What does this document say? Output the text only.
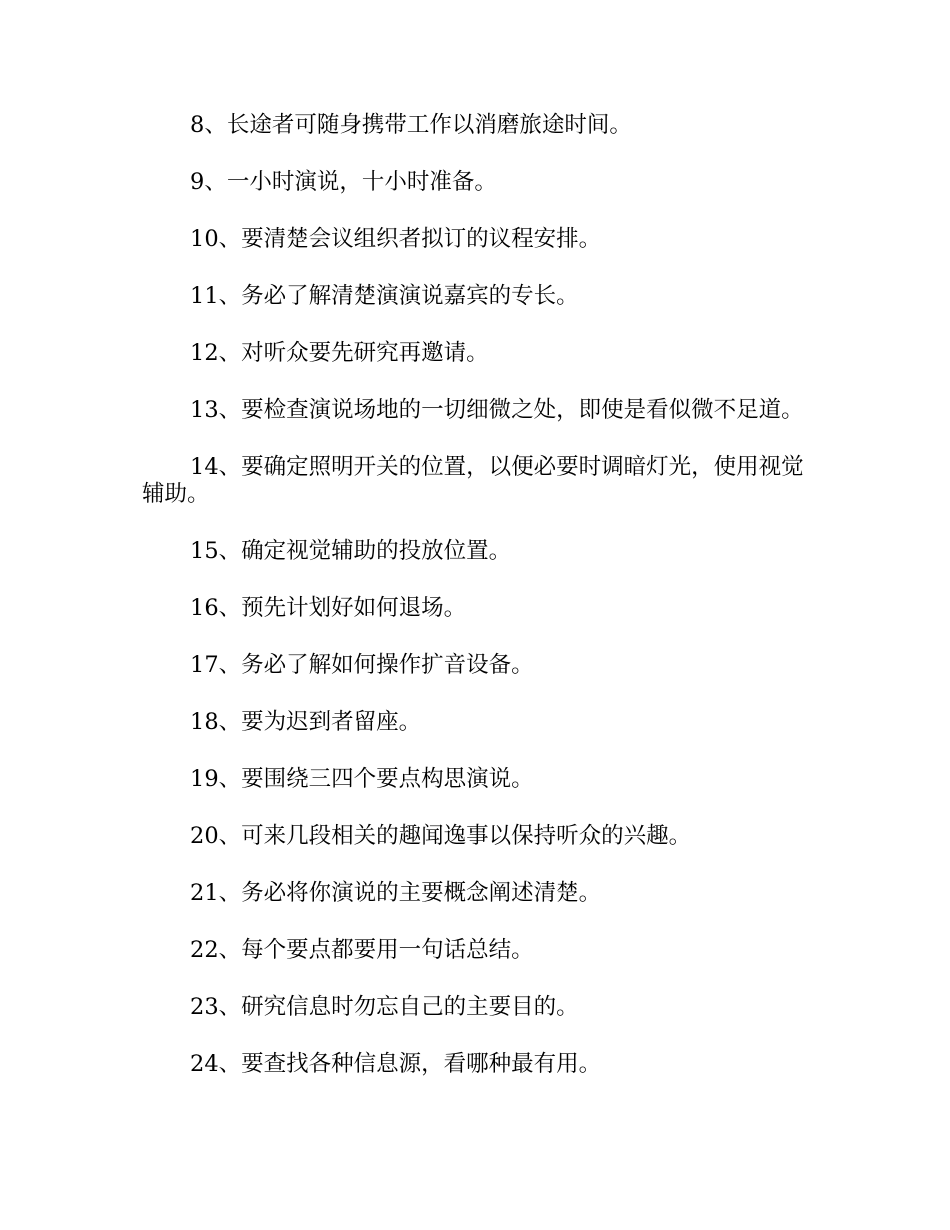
8、长途者可随身携带工作以消磨旅途时间。

9、一小时演说，十小时准备。

10、要清楚会议组织者拟订的议程安排。

11、务必了解清楚演演说嘉宾的专长。

12、对听众要先研究再邀请。

13、要检查演说场地的一切细微之处，即使是看似微不足道。

14、要确定照明开关的位置，以便必要时调暗灯光，使用视觉辅助。

15、确定视觉辅助的投放位置。

16、预先计划好如何退场。

17、务必了解如何操作扩音设备。

18、要为迟到者留座。

19、要围绕三四个要点构思演说。

20、可来几段相关的趣闻逸事以保持听众的兴趣。

21、务必将你演说的主要概念阐述清楚。

22、每个要点都要用一句话总结。

23、研究信息时勿忘自己的主要目的。

24、要查找各种信息源，看哪种最有用。
